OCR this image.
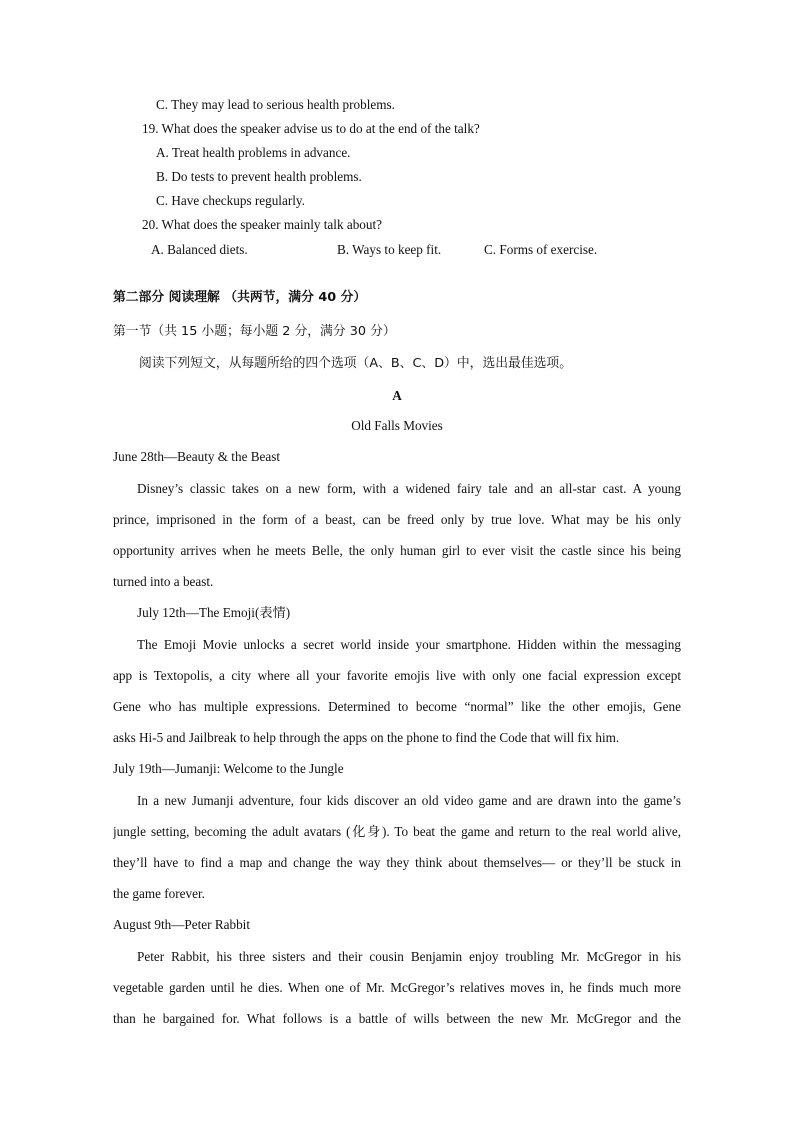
C. They may lead to serious health problems.
19. What does the speaker advise us to do at the end of the talk?
A. Treat health problems in advance.
B. Do tests to prevent health problems.
C. Have checkups regularly.
20. What does the speaker mainly talk about?
A. Balanced diets.	B. Ways to keep fit.	C. Forms of exercise.
第二部分 阅读理解 （共两节，满分 40 分）
第一节（共 15 小题；每小题 2 分，满分 30 分）
阅读下列短文，从每题所给的四个选项（A、B、C、D）中，选出最佳选项。
A
Old Falls Movies
June 28th—Beauty & the Beast
Disney’s classic takes on a new form, with a widened fairy tale and an all-star cast. A young
prince, imprisoned in the form of a beast, can be freed only by true love. What may be his only
opportunity arrives when he meets Belle, the only human girl to ever visit the castle since his being
turned into a beast.
July 12th—The Emoji(表情)
The Emoji Movie unlocks a secret world inside your smartphone. Hidden within the messaging
app is Textopolis, a city where all your favorite emojis live with only one facial expression except
Gene who has multiple expressions. Determined to become “normal” like the other emojis, Gene
asks Hi-5 and Jailbreak to help through the apps on the phone to find the Code that will fix him.
July 19th—Jumanji: Welcome to the Jungle
In a new Jumanji adventure, four kids discover an old video game and are drawn into the game’s
jungle setting, becoming the adult avatars (化身). To beat the game and return to the real world alive,
they’ll have to find a map and change the way they think about themselves— or they’ll be stuck in
the game forever.
August 9th—Peter Rabbit
Peter Rabbit, his three sisters and their cousin Benjamin enjoy troubling Mr. McGregor in his
vegetable garden until he dies. When one of Mr. McGregor’s relatives moves in, he finds much more
than he bargained for. What follows is a battle of wills between the new Mr. McGregor and the
